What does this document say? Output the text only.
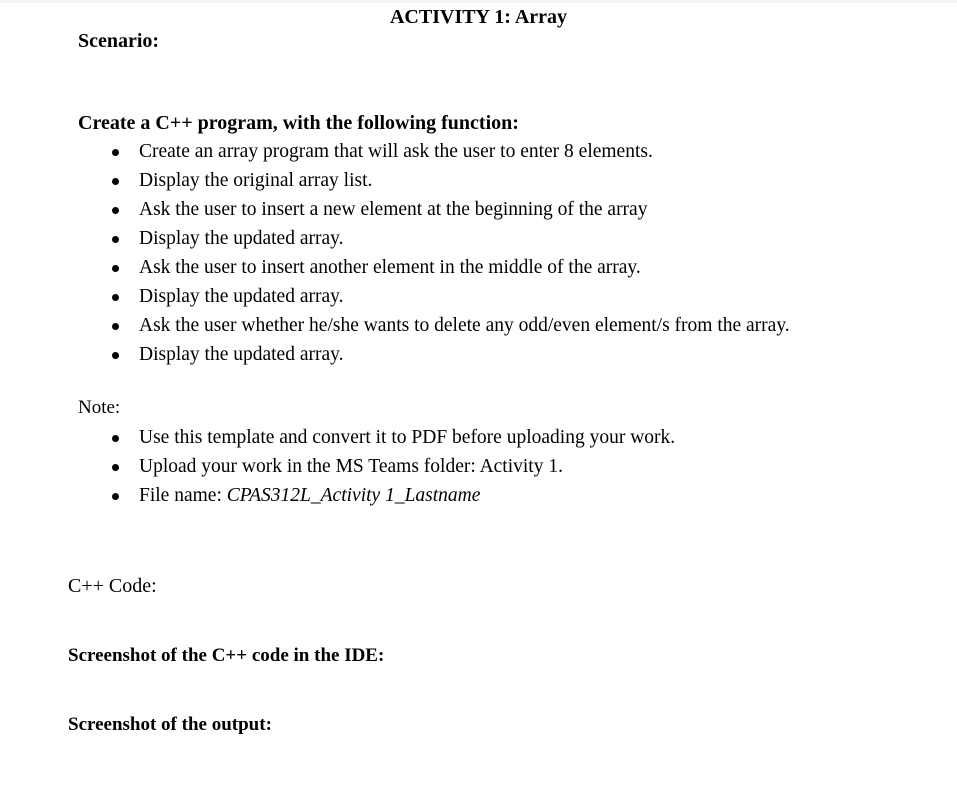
ACTIVITY 1: Array
Scenario:
Create a C++ program, with the following function:
Create an array program that will ask the user to enter 8 elements.
Display the original array list.
Ask the user to insert a new element at the beginning of the array
Display the updated array.
Ask the user to insert another element in the middle of the array.
Display the updated array.
Ask the user whether he/she wants to delete any odd/even element/s from the array.
Display the updated array.
Note:
Use this template and convert it to PDF before uploading your work.
Upload your work in the MS Teams folder: Activity 1.
File name: CPAS312L_Activity 1_Lastname
C++ Code:
Screenshot of the C++ code in the IDE:
Screenshot of the output:
